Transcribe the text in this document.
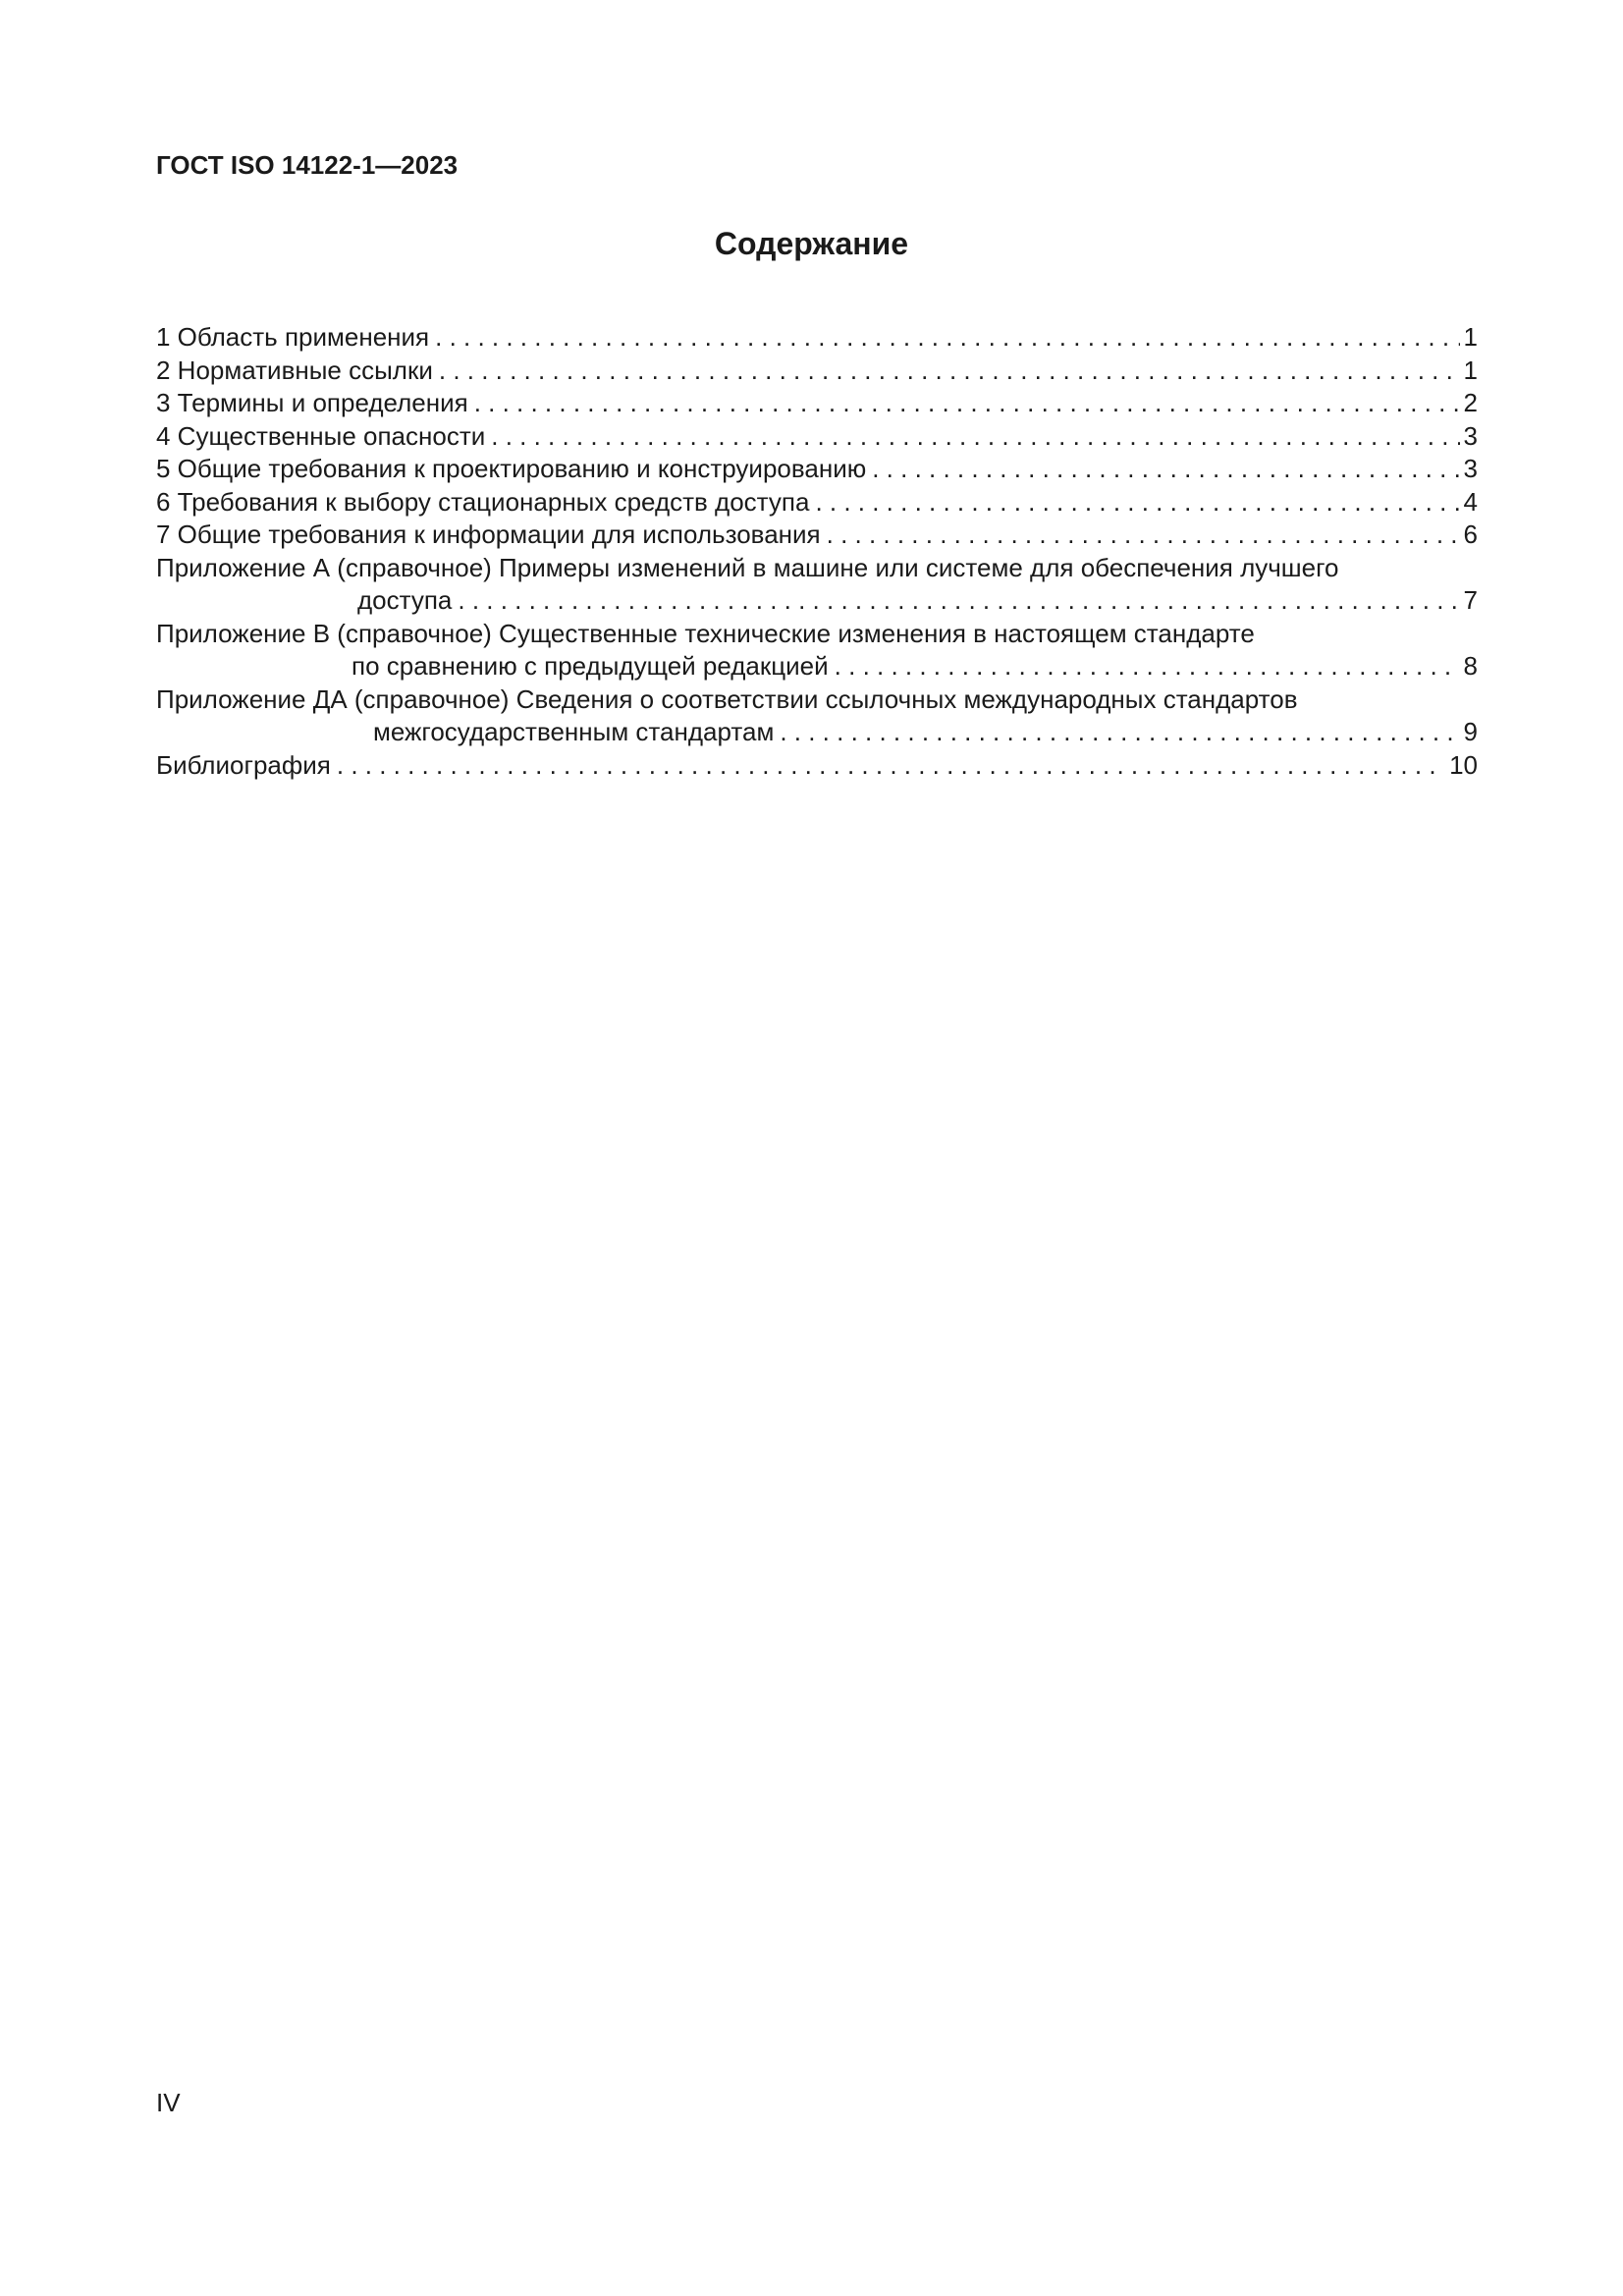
ГОСТ ISO 14122-1—2023
Содержание
1 Область применения . . .	1
2 Нормативные ссылки . . .	1
3 Термины и определения . . .	2
4 Существенные опасности . . .	3
5 Общие требования к проектированию и конструированию . . .	3
6 Требования к выбору стационарных средств доступа . . .	4
7 Общие требования к информации для использования . . .	6
Приложение А (справочное) Примеры изменений в машине или системе для обеспечения лучшего
доступа . . .	7
Приложение В (справочное) Существенные технические изменения в настоящем стандарте
по сравнению с предыдущей редакцией . . .	8
Приложение ДА (справочное) Сведения о соответствии ссылочных международных стандартов
межгосударственным стандартам . . .	9
Библиография . . .	10
IV
